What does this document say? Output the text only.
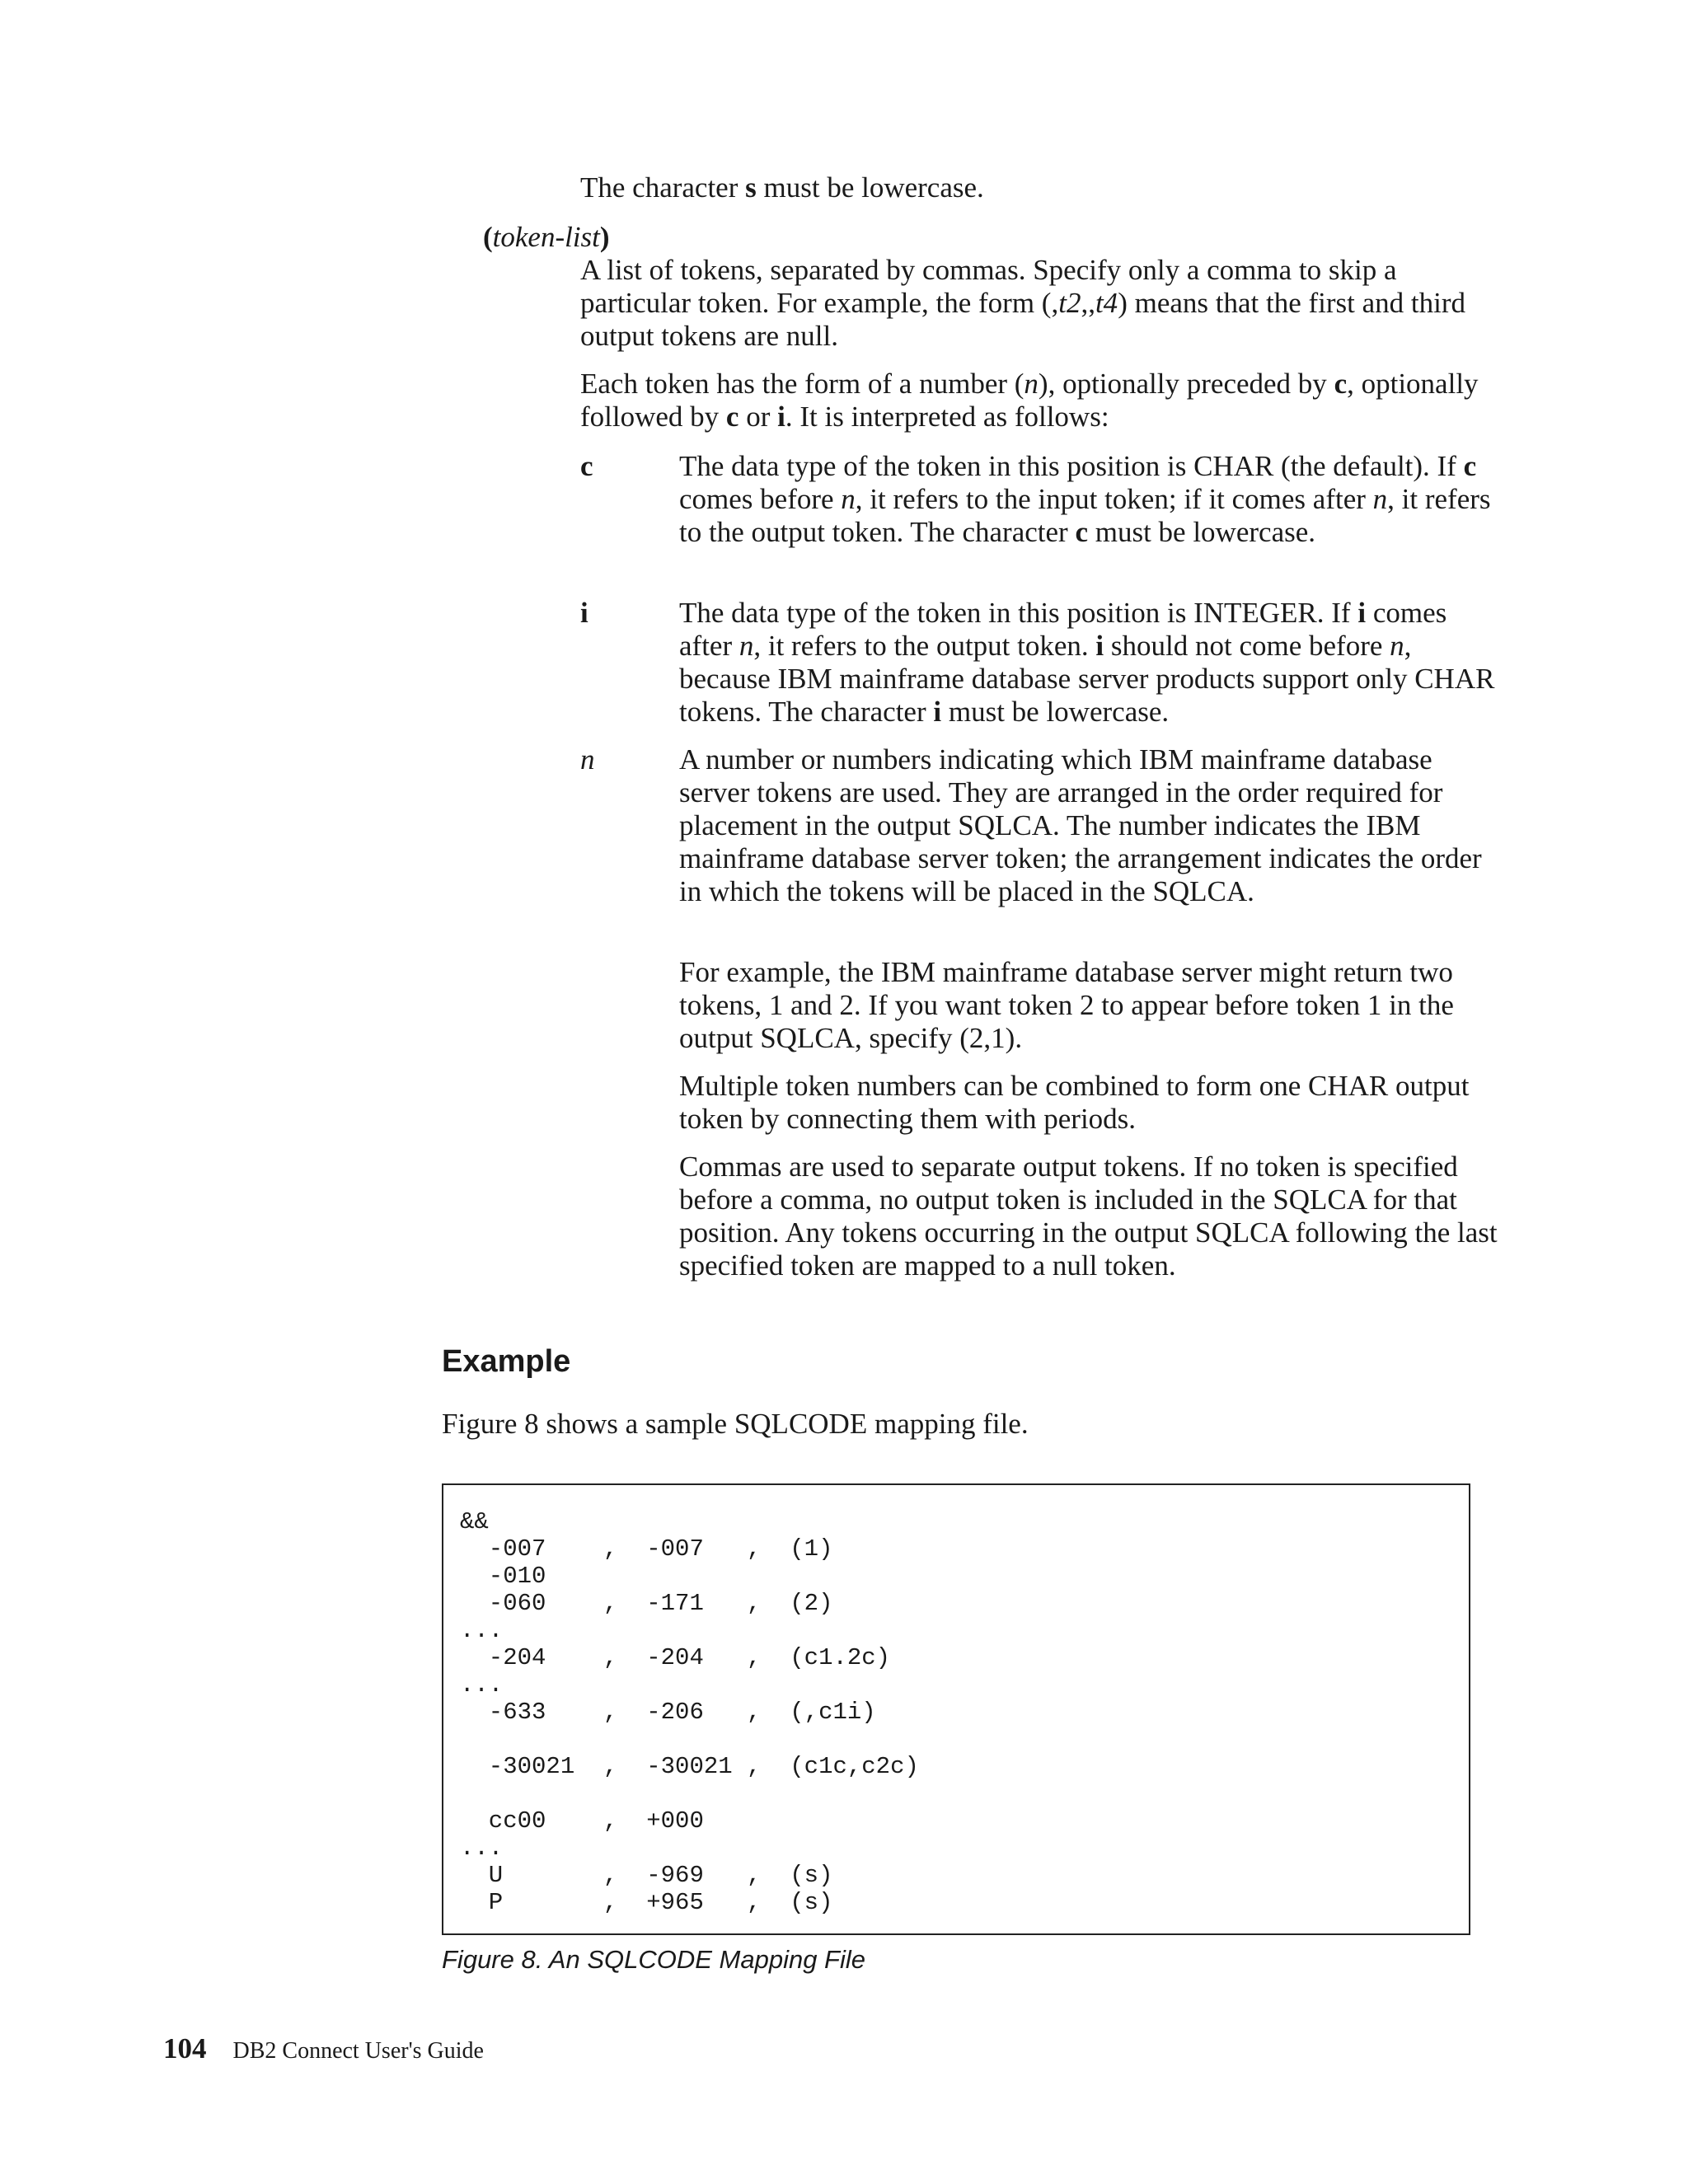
The character s must be lowercase.

(token-list)

A list of tokens, separated by commas. Specify only a comma to skip a particular token. For example, the form (,t2,,t4) means that the first and third output tokens are null.

Each token has the form of a number (n), optionally preceded by c, optionally followed by c or i. It is interpreted as follows:

c	The data type of the token in this position is CHAR (the default). If c comes before n, it refers to the input token; if it comes after n, it refers to the output token. The character c must be lowercase.

i	The data type of the token in this position is INTEGER. If i comes after n, it refers to the output token. i should not come before n, because IBM mainframe database server products support only CHAR tokens. The character i must be lowercase.

n	A number or numbers indicating which IBM mainframe database server tokens are used. They are arranged in the order required for placement in the output SQLCA. The number indicates the IBM mainframe database server token; the arrangement indicates the order in which the tokens will be placed in the SQLCA.

For example, the IBM mainframe database server might return two tokens, 1 and 2. If you want token 2 to appear before token 1 in the output SQLCA, specify (2,1).

Multiple token numbers can be combined to form one CHAR output token by connecting them with periods.

Commas are used to separate output tokens. If no token is specified before a comma, no output token is included in the SQLCA for that position. Any tokens occurring in the output SQLCA following the last specified token are mapped to a null token.

Example

Figure 8 shows a sample SQLCODE mapping file.

&&
-007    ,  -007   ,  (1)
-010
-060    ,  -171   ,  (2)
...
-204    ,  -204   ,  (c1.2c)
...
-633    ,  -206   ,  (,c1i)

-30021  ,  -30021 ,  (c1c,c2c)

cc00    ,  +000
...
U       ,  -969   ,  (s)
P       ,  +965   ,  (s)
Figure 8. An SQLCODE Mapping File
104 DB2 Connect User's Guide
